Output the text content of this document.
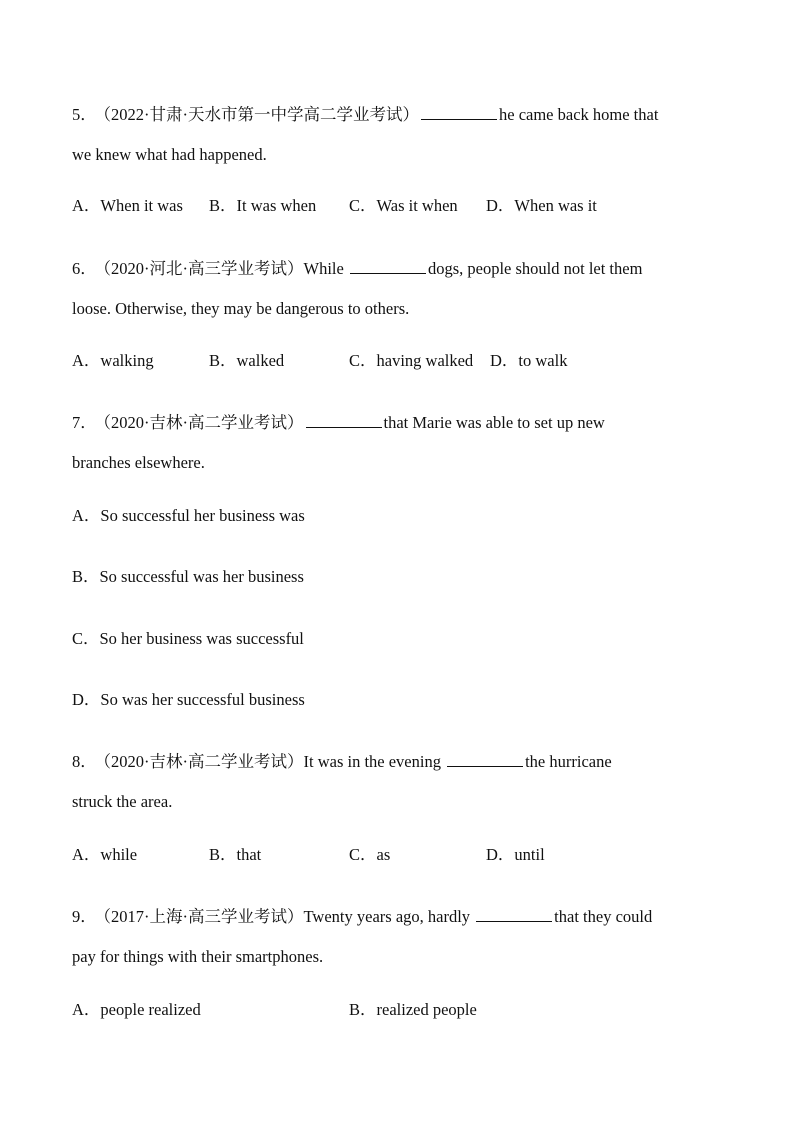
5． （2022·甘肃·天水市第一中学高二学业考试）	he came back home that
we knew what had happened.
A．When it was B．It was when C．Was it when D．When was it
6． （2020·河北·高三学业考试）While	dogs, people should not let them
loose. Otherwise, they may be dangerous to others.
A．walking	B．walked	C．having walked D．to walk
7． （2020·吉林·高二学业考试）	that Marie was able to set up new
branches elsewhere.
A．So successful her business was
B．So successful was her business
C．So her business was successful
D．So was her successful business
8． （2020·吉林·高二学业考试）It was in the evening	the hurricane
struck the area.
A．while	B．that	C．as	D．until
9． （2017·上海·高三学业考试）Twenty years ago, hardly	that they could
pay for things with their smartphones.
A．people realized	B．realized people
